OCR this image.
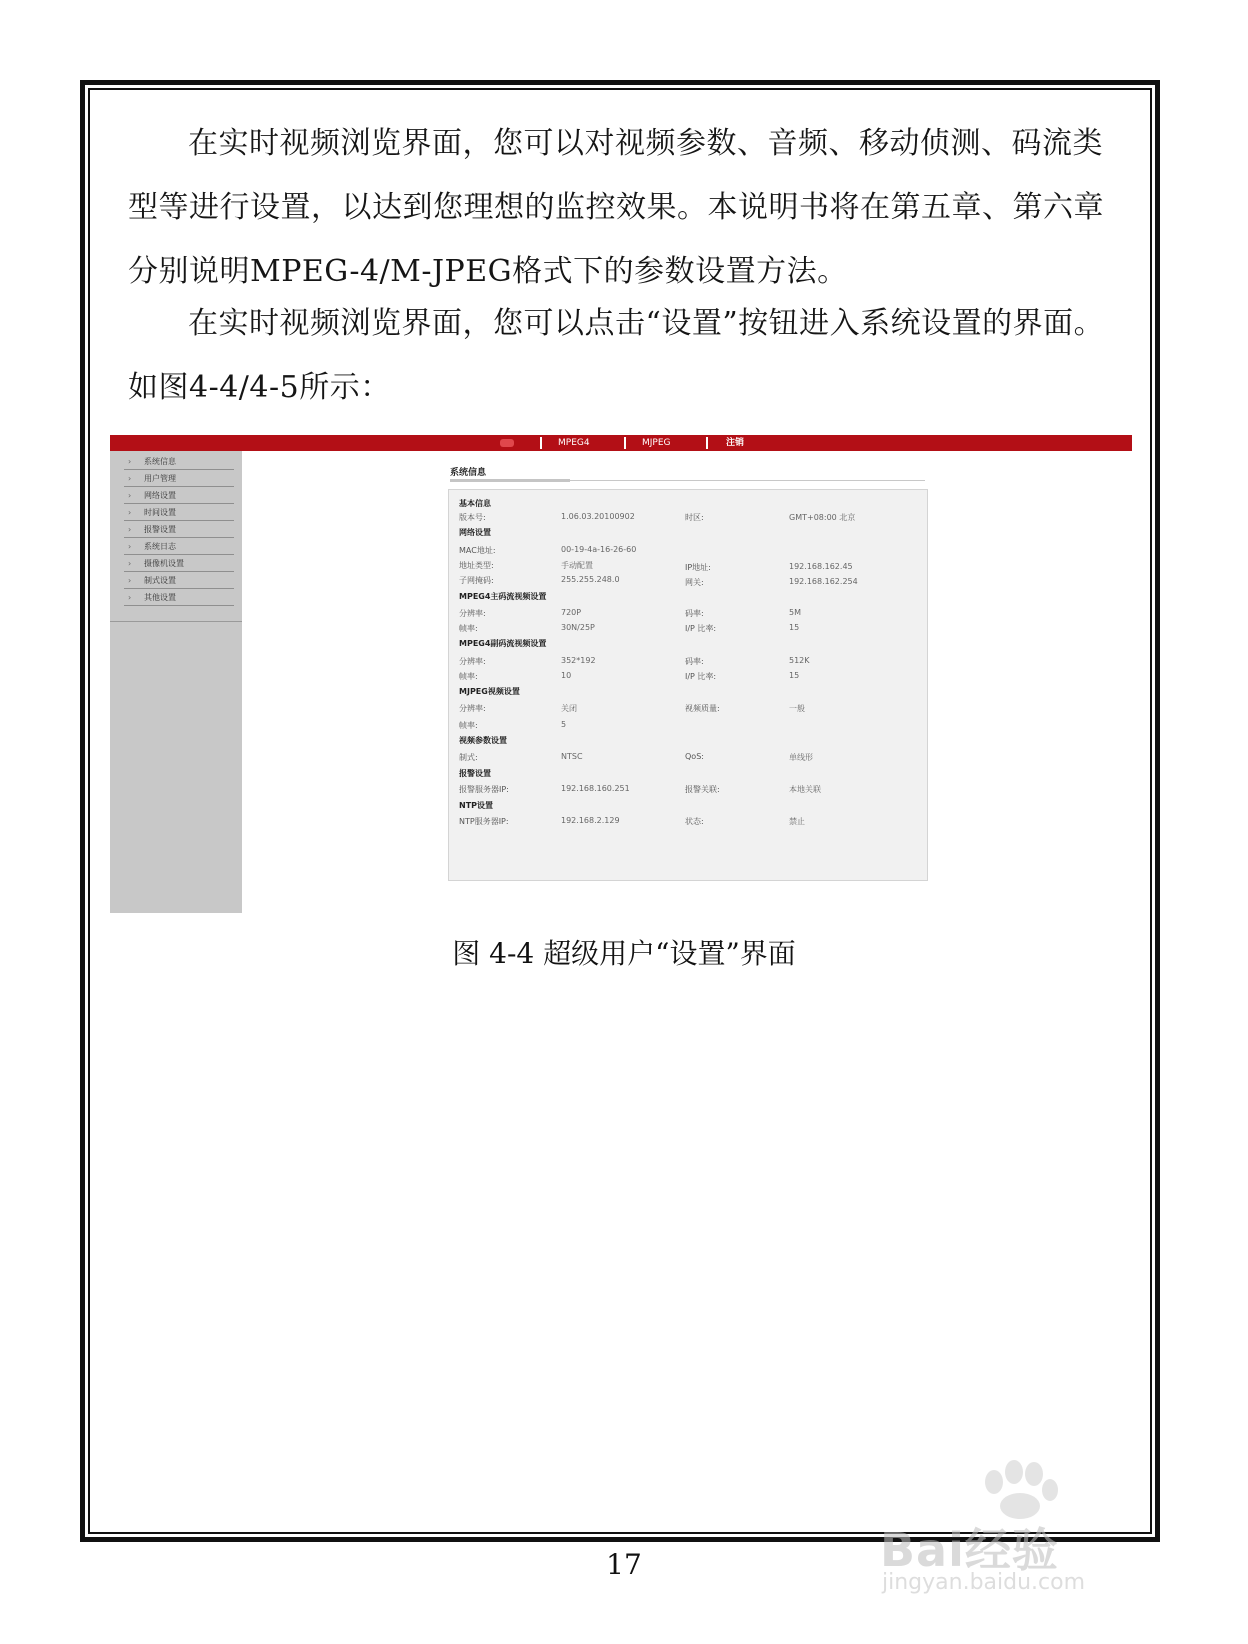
在实时视频浏览界面，您可以对视频参数、音频、移动侦测、码流类型等进行设置，以达到您理想的监控效果。本说明书将在第五章、第六章分别说明MPEG-4/M-JPEG格式下的参数设置方法。
在实时视频浏览界面，您可以点击“设置”按钮进入系统设置的界面。如图4-4/4-5所示：
MPEG4	MJPEG	注销
› 系统信息
› 用户管理
› 网络设置
› 时间设置
› 报警设置
› 系统日志
› 摄像机设置
› 制式设置
› 其他设置
系统信息
基本信息
版本号:	1.06.03.20100902	时区:	GMT+08:00 北京
网络设置
MAC地址:	00-19-4a-16-26-60
地址类型:	手动配置	IP地址:	192.168.162.45
子网掩码:	255.255.248.0	网关:	192.168.162.254
MPEG4主码流视频设置
分辨率:	720P	码率:	5M
帧率:	30N/25P	I/P 比率:	15
MPEG4副码流视频设置
分辨率:	352*192	码率:	512K
帧率:	10	I/P 比率:	15
MJPEG视频设置
分辨率:	关闭	视频质量:	一般
帧率:	5
视频参数设置
制式:	NTSC	QoS:	单线形
报警设置
报警服务器IP:	192.168.160.251	报警关联:	本地关联
NTP设置
NTP服务器IP:	192.168.2.129	状态:	禁止
图 4-4 超级用户“设置”界面
17	Bai经验
jingyan.baidu.com
